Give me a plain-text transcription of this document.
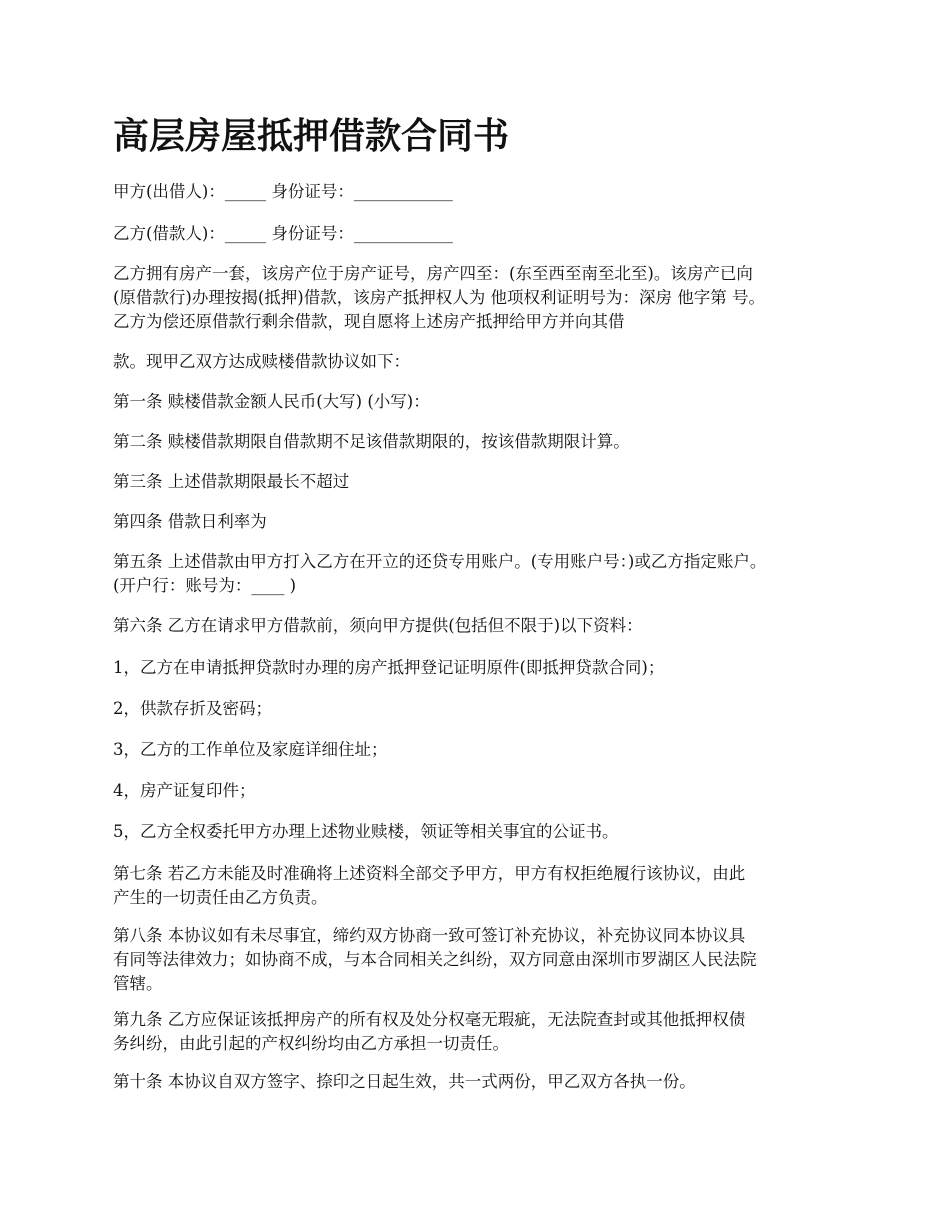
高层房屋抵押借款合同书
甲方(出借人)：_____ 身份证号：____________
乙方(借款人)：_____ 身份证号：____________
乙方拥有房产一套，该房产位于房产证号，房产四至：(东至西至南至北至)。该房产已向
(原借款行)办理按揭(抵押)借款，该房产抵押权人为 他项权利证明号为：深房 他字第 号。
乙方为偿还原借款行剩余借款，现自愿将上述房产抵押给甲方并向其借
款。现甲乙双方达成赎楼借款协议如下：
第一条 赎楼借款金额人民币(大写) (小写)：
第二条 赎楼借款期限自借款期不足该借款期限的，按该借款期限计算。
第三条 上述借款期限最长不超过
第四条 借款日利率为
第五条 上述借款由甲方打入乙方在开立的还贷专用账户。(专用账户号：)或乙方指定账户。
(开户行：账号为：____ )
第六条 乙方在请求甲方借款前，须向甲方提供(包括但不限于)以下资料：
1，乙方在申请抵押贷款时办理的房产抵押登记证明原件(即抵押贷款合同)；
2，供款存折及密码；
3，乙方的工作单位及家庭详细住址；
4，房产证复印件；
5，乙方全权委托甲方办理上述物业赎楼，领证等相关事宜的公证书。
第七条 若乙方未能及时准确将上述资料全部交予甲方，甲方有权拒绝履行该协议，由此
产生的一切责任由乙方负责。
第八条 本协议如有未尽事宜，缔约双方协商一致可签订补充协议，补充协议同本协议具
有同等法律效力；如协商不成，与本合同相关之纠纷，双方同意由深圳市罗湖区人民法院
管辖。
第九条 乙方应保证该抵押房产的所有权及处分权毫无瑕疵，无法院查封或其他抵押权债
务纠纷，由此引起的产权纠纷均由乙方承担一切责任。
第十条 本协议自双方签字、捺印之日起生效，共一式两份，甲乙双方各执一份。
